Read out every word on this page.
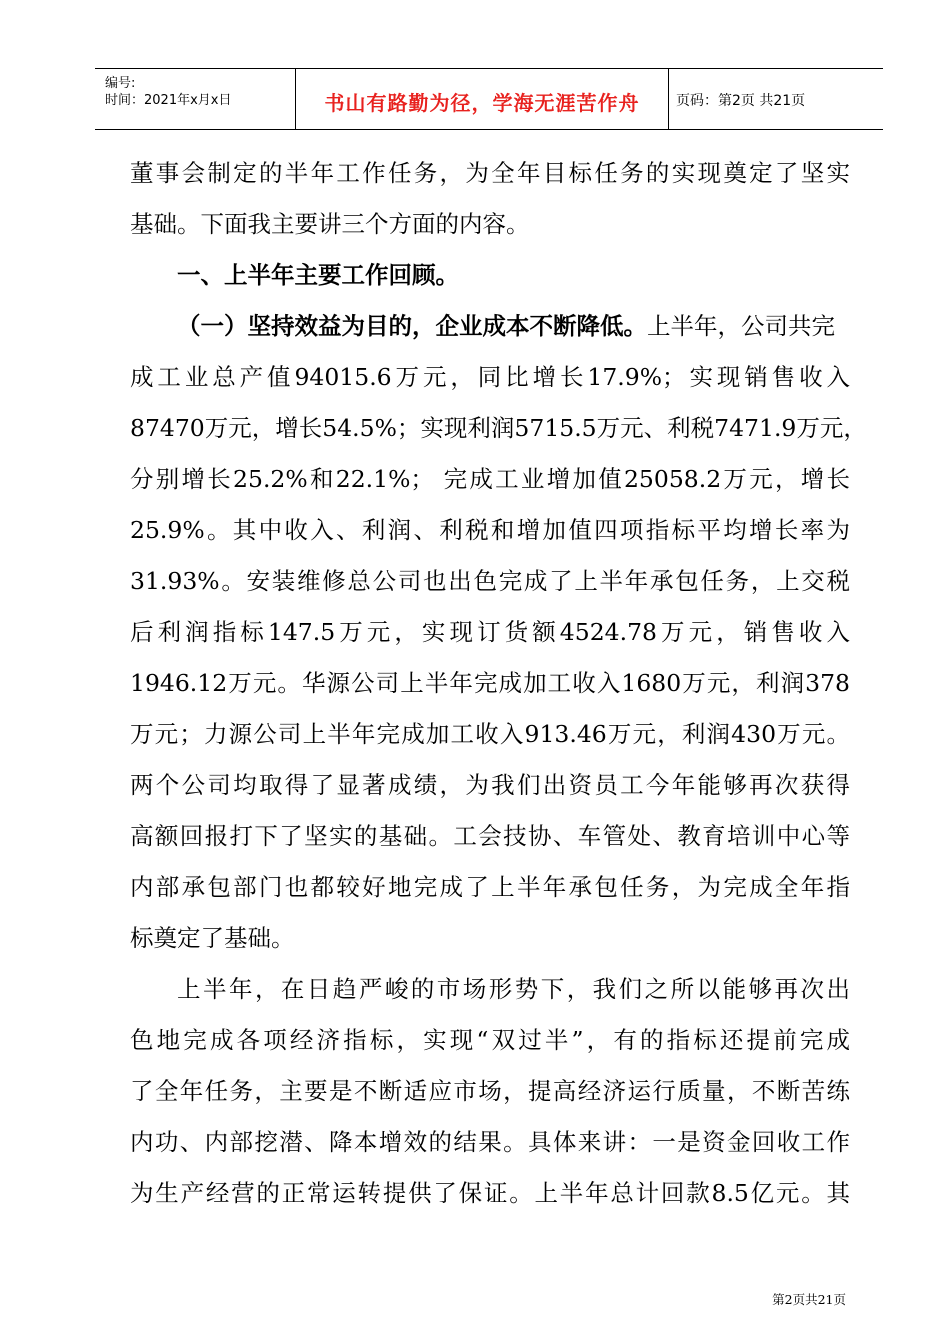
编号:
时间：2021年x月x日	书山有路勤为径，学海无涯苦作舟	页码：第2页 共21页
董事会制定的半年工作任务，为全年目标任务的实现奠定了坚实
基础。下面我主要讲三个方面的内容。
一、上半年主要工作回顾。
（一）坚持效益为目的，企业成本不断降低。上半年，公司共完
成工业总产值94015.6万元，同比增长17.9%；实现销售收入
87470万元，增长54.5%；实现利润5715.5万元、利税7471.9万元，
分别增长25.2%和22.1%； 完成工业增加值25058.2万元，增长
25.9%。其中收入、利润、利税和增加值四项指标平均增长率为
31.93%。安装维修总公司也出色完成了上半年承包任务，上交税
后利润指标147.5万元，实现订货额4524.78万元，销售收入
1946.12万元。华源公司上半年完成加工收入1680万元，利润378
万元；力源公司上半年完成加工收入913.46万元，利润430万元。
两个公司均取得了显著成绩，为我们出资员工今年能够再次获得
高额回报打下了坚实的基础。工会技协、车管处、教育培训中心等
内部承包部门也都较好地完成了上半年承包任务，为完成全年指
标奠定了基础。
上半年，在日趋严峻的市场形势下，我们之所以能够再次出
色地完成各项经济指标，实现“双过半”，有的指标还提前完成
了全年任务，主要是不断适应市场，提高经济运行质量，不断苦练
内功、内部挖潜、降本增效的结果。具体来讲：一是资金回收工作
为生产经营的正常运转提供了保证。上半年总计回款8.5亿元。其
第2页共21页
